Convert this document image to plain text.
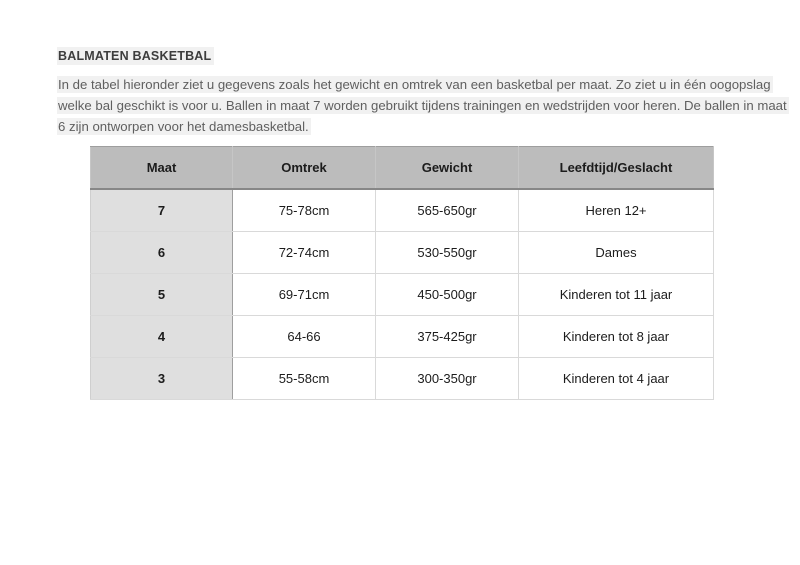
BALMATEN BASKETBAL
In de tabel hieronder ziet u gegevens zoals het gewicht en omtrek van een basketbal per maat. Zo ziet u in één oogopslag
welke bal geschikt is voor u. Ballen in maat 7 worden gebruikt tijdens trainingen en wedstrijden voor heren. De ballen in maat
6 zijn ontworpen voor het damesbasketbal.
Maat	Omtrek	Gewicht	Leefdtijd/Geslacht
7	75-78cm	565-650gr	Heren 12+
6	72-74cm	530-550gr	Dames
5	69-71cm	450-500gr	Kinderen tot 11 jaar
4	64-66	375-425gr	Kinderen tot 8 jaar
3	55-58cm	300-350gr	Kinderen tot 4 jaar
